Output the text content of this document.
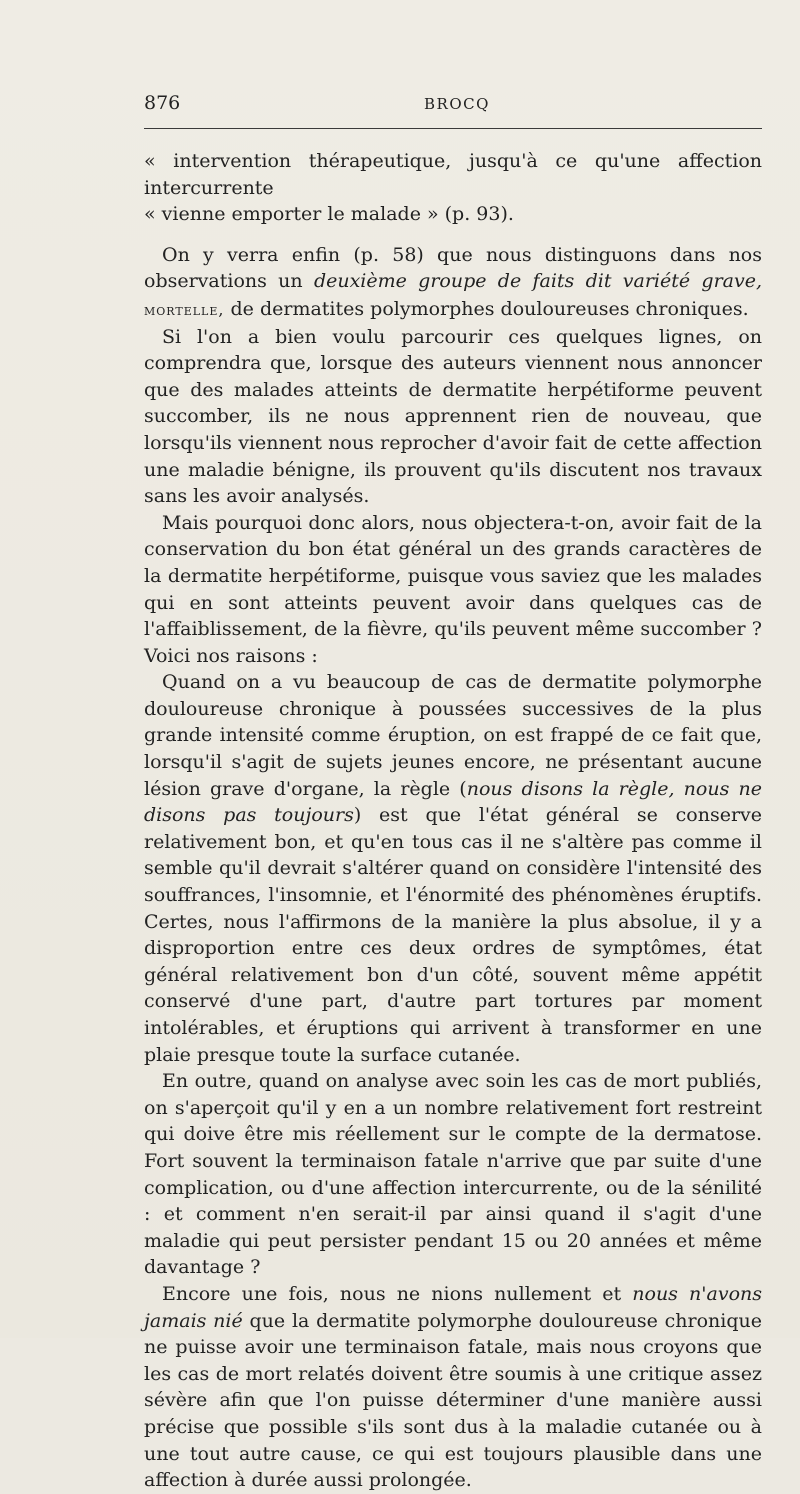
876	BROCQ

« intervention thérapeutique, jusqu'à ce qu'une affection intercurrente

« vienne emporter le malade » (p. 93).

On y verra enfin (p. 58) que nous distinguons dans nos observations un deuxième groupe de faits dit variété grave, mortelle, de dermatites polymorphes douloureuses chroniques.

Si l'on a bien voulu parcourir ces quelques lignes, on comprendra que, lorsque des auteurs viennent nous annoncer que des malades atteints de dermatite herpétiforme peuvent succomber, ils ne nous apprennent rien de nouveau, que lorsqu'ils viennent nous reprocher d'avoir fait de cette affection une maladie bénigne, ils prouvent qu'ils discutent nos travaux sans les avoir analysés.

Mais pourquoi donc alors, nous objectera-t-on, avoir fait de la conservation du bon état général un des grands caractères de la dermatite herpétiforme, puisque vous saviez que les malades qui en sont atteints peuvent avoir dans quelques cas de l'affaiblissement, de la fièvre, qu'ils peuvent même succomber ? Voici nos raisons :

Quand on a vu beaucoup de cas de dermatite polymorphe douloureuse chronique à poussées successives de la plus grande intensité comme éruption, on est frappé de ce fait que, lorsqu'il s'agit de sujets jeunes encore, ne présentant aucune lésion grave d'organe, la règle (nous disons la règle, nous ne disons pas toujours) est que l'état général se conserve relativement bon, et qu'en tous cas il ne s'altère pas comme il semble qu'il devrait s'altérer quand on considère l'intensité des souffrances, l'insomnie, et l'énormité des phénomènes éruptifs. Certes, nous l'affirmons de la manière la plus absolue, il y a disproportion entre ces deux ordres de symptômes, état général relativement bon d'un côté, souvent même appétit conservé d'une part, d'autre part tortures par moment intolérables, et éruptions qui arrivent à transformer en une plaie presque toute la surface cutanée.

En outre, quand on analyse avec soin les cas de mort publiés, on s'aperçoit qu'il y en a un nombre relativement fort restreint qui doive être mis réellement sur le compte de la dermatose. Fort souvent la terminaison fatale n'arrive que par suite d'une complication, ou d'une affection intercurrente, ou de la sénilité : et comment n'en serait-il par ainsi quand il s'agit d'une maladie qui peut persister pendant 15 ou 20 années et même davantage ?

Encore une fois, nous ne nions nullement et nous n'avons jamais nié que la dermatite polymorphe douloureuse chronique ne puisse avoir une terminaison fatale, mais nous croyons que les cas de mort relatés doivent être soumis à une critique assez sévère afin que l'on puisse déterminer d'une manière aussi précise que possible s'ils sont dus à la maladie cutanée ou à une tout autre cause, ce qui est toujours plausible dans une affection à durée aussi prolongée.
